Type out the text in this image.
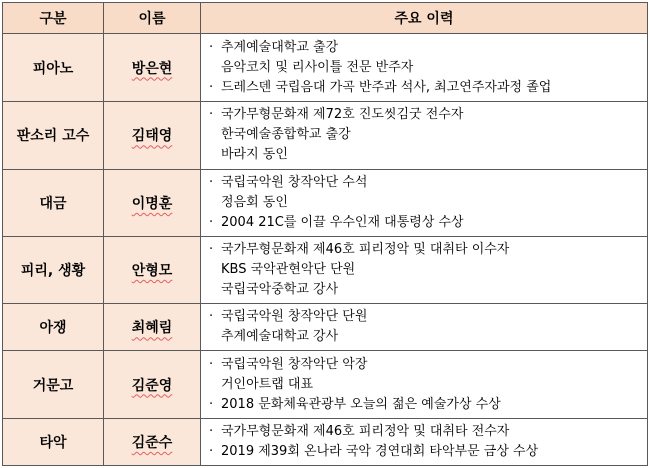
구분	이름	주요 이력
피아노	방은현	· 추계예술대학교 출강
음악코치 및 리사이틀 전문 반주자
· 드레스덴 국립음대 가곡 반주과 석사, 최고연주자과정 졸업

판소리 고수	김태영	· 국가무형문화재 제72호 진도씻김굿 전수자
한국예술종합학교 출강
바라지 동인

대금	이명훈	· 국립국악원 창작악단 수석
정음회 동인
· 2004 21C를 이끌 우수인재 대통령상 수상

피리, 생황	안형모	· 국가무형문화재 제46호 피리정악 및 대취타 이수자
KBS 국악관현악단 단원
국립국악중학교 강사

아쟁	최혜림	· 국립국악원 창작악단 단원
추계예술대학교 강사

거문고	김준영	· 국립국악원 창작악단 악장
거인아트랩 대표
· 2018 문화체육관광부 오늘의 젊은 예술가상 수상

타악	김준수	· 국가무형문화재 제46호 피리정악 및 대취타 전수자
· 2019 제39회 온나라 국악 경연대회 타악부문 금상 수상
